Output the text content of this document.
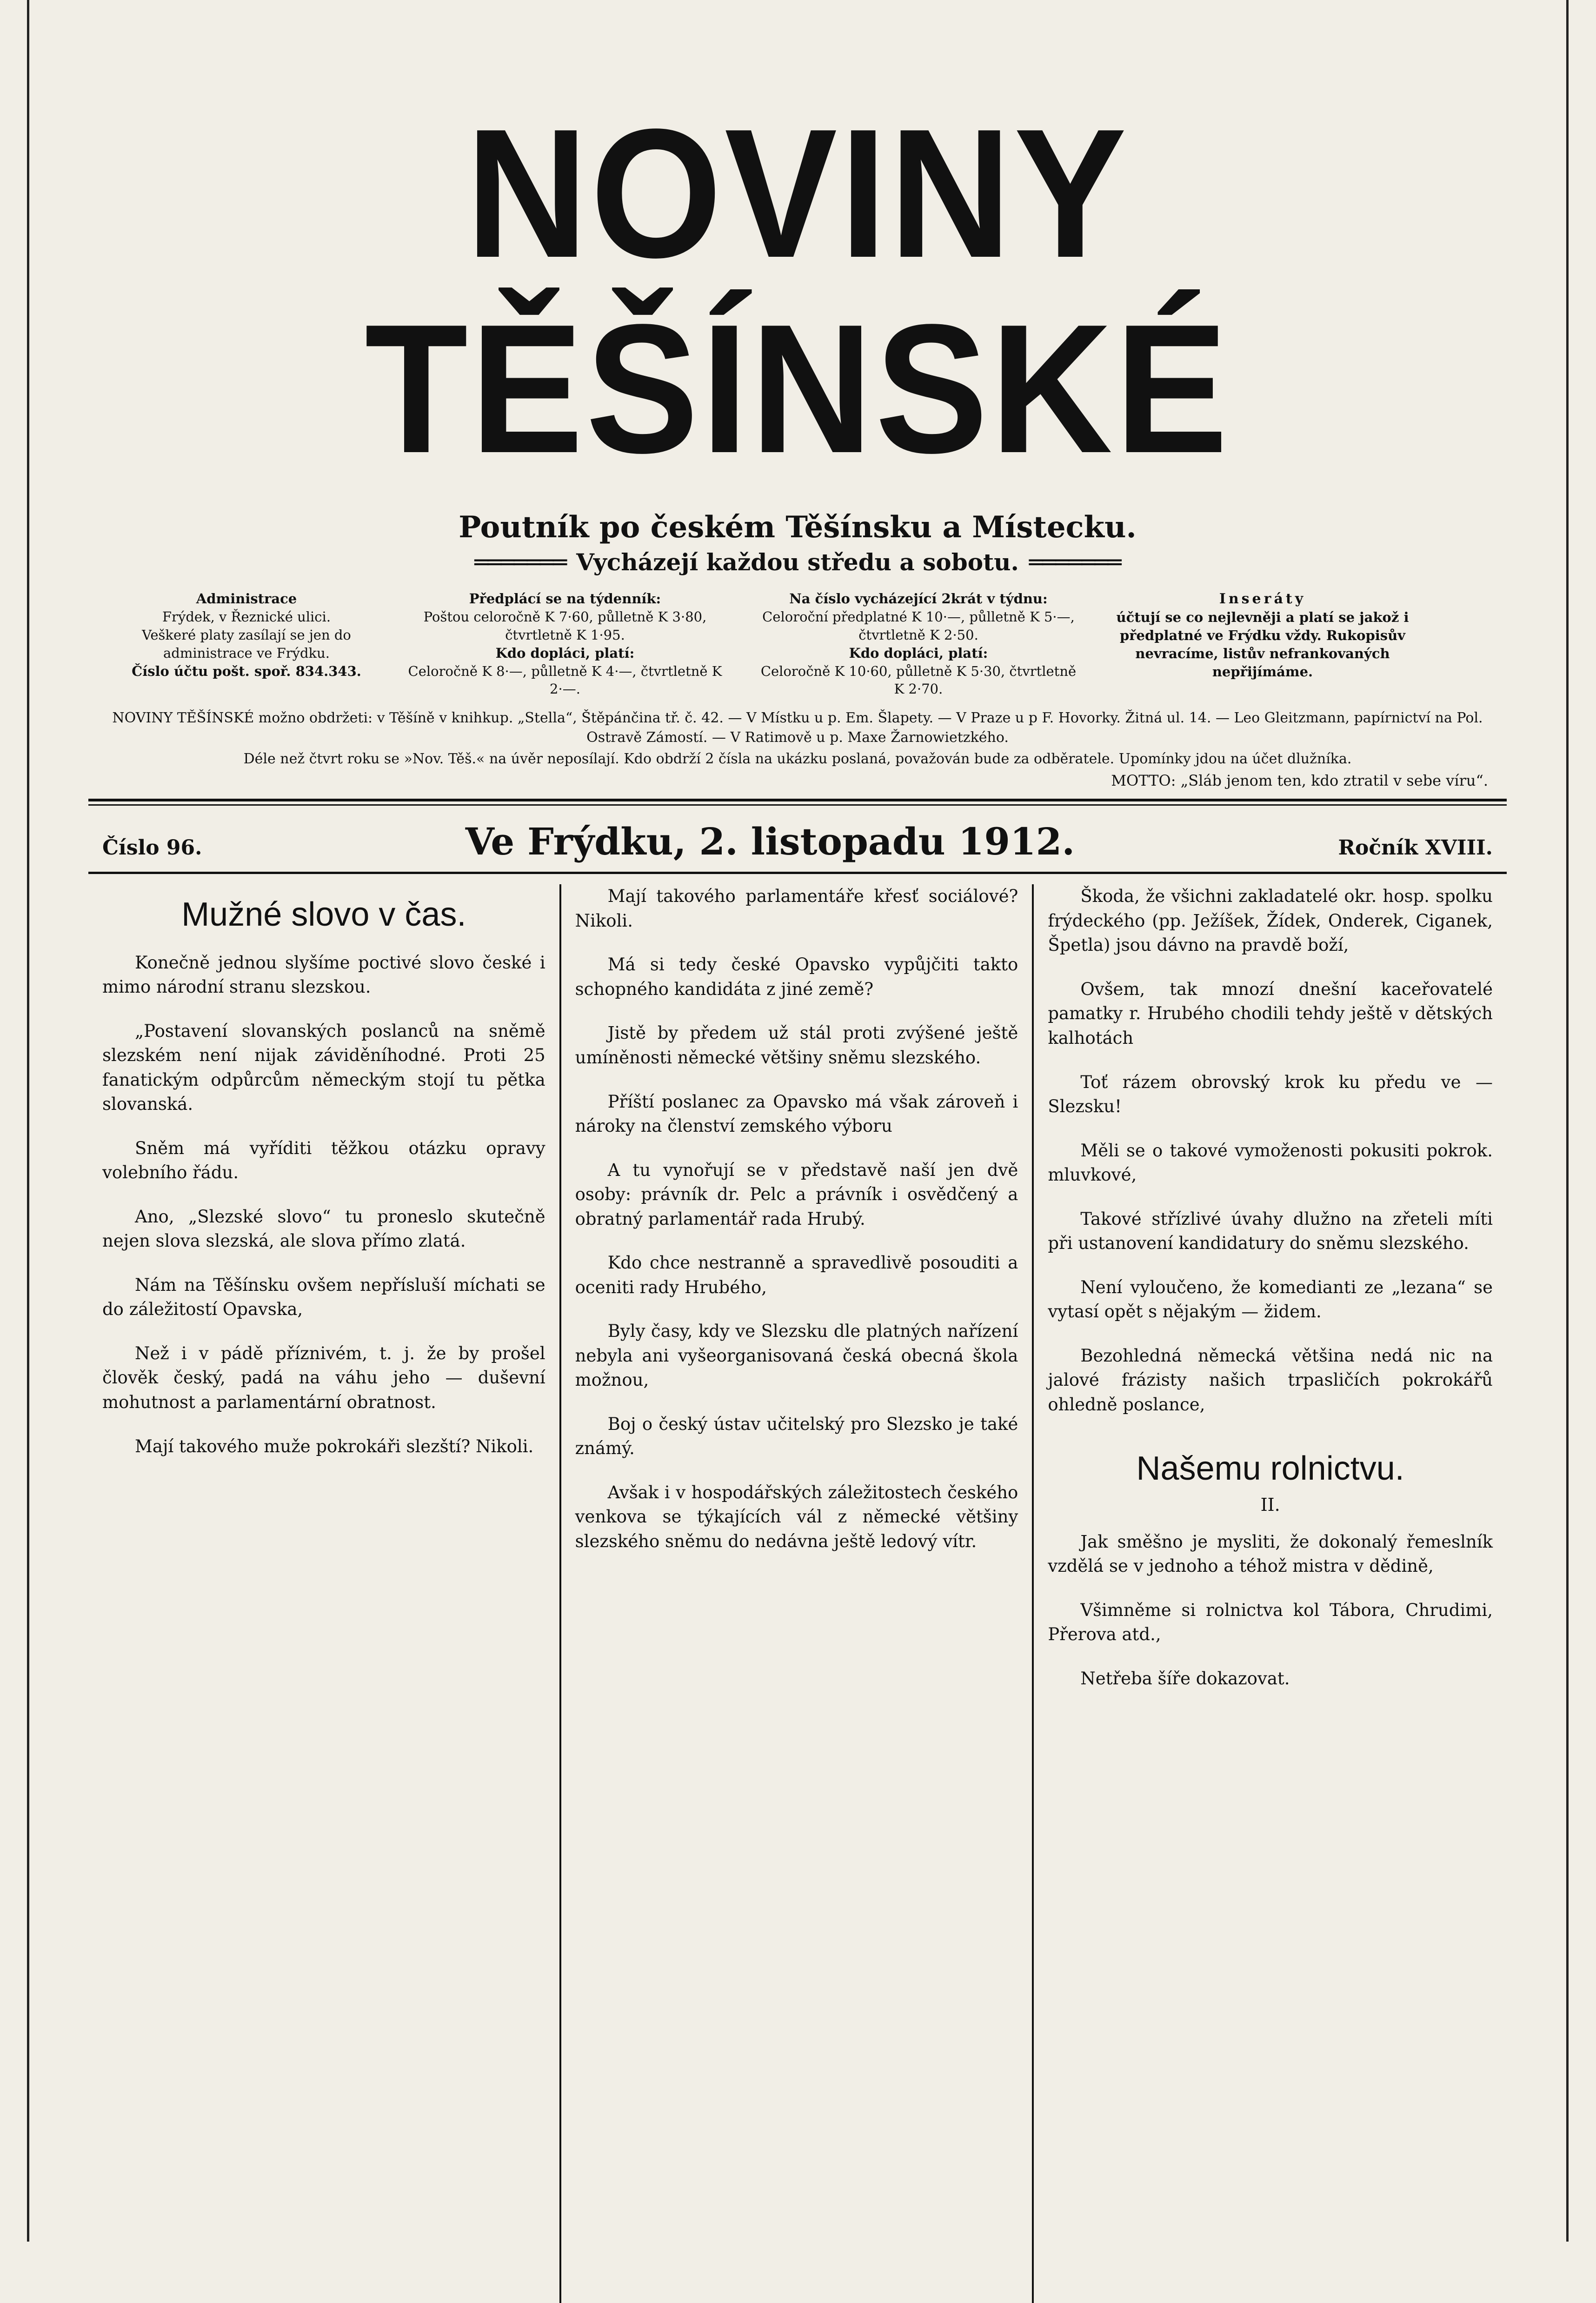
NOVINY TĚŠÍNSKÉ
Poutník po českém Těšínsku a Místecku.
═══════ Vycházejí každou středu a sobotu. ═══════
Administrace
Frýdek, v Řeznické ulici.
Veškeré platy zasílají se jen do administrace ve Frýdku.
Číslo účtu pošt. spoř. 834.343.
Předplácí se na týdenník:
Poštou celoročně K 7·60, půlletně K 3·80, čtvrtletně K 1·95.
Kdo dopláci, platí:
Celoročně K 8·—, půlletně K 4·—, čtvrtletně K 2·—.
Na číslo vycházející 2krát v týdnu:
Celoroční předplatné K 10·—, půlletně K 5·—, čtvrtletně K 2·50.
Kdo dopláci, platí:
Celoročně K 10·60, půlletně K 5·30, čtvrtletně K 2·70.
Inseráty
účtují se co nejlevněji a platí se jakož i předplatné ve Frýdku vždy. Rukopisův nevracíme, listův nefrankovaných nepřijímáme.
NOVINY TĚŠÍNSKÉ možno obdržeti: v Těšíně v knihkup. „Stella“, Štěpánčina tř. č. 42. — V Místku u p. Em. Šlapety. — V Praze u p F. Hovorky. Žitná ul. 14. — Leo Gleitzmann, papírnictví na Pol. Ostravě Zámostí. — V Ratimově u p. Maxe Žarnowietzkého.
Déle než čtvrt roku se »Nov. Těš.« na úvěr neposílají. Kdo obdrží 2 čísla na ukázku poslaná, považován bude za odběratele. Upomínky jdou na účet dlužníka.
MOTTO: „Sláb jenom ten, kdo ztratil v sebe víru“.
Číslo 96.	Ve Frýdku, 2. listopadu 1912.	Ročník XVIII.
Mužné slovo v čas.

Konečně jednou slyšíme poctivé slovo české i mimo národní stranu slezskou.

„Postavení slovanských poslanců na sněmě slezském není nijak záviděníhodné. Proti 25 fanatickým odpůrcům německým stojí tu pětka slovanská.

Sněm má vyříditi těžkou otázku opravy volebního řádu.

Ano, „Slezské slovo“ tu proneslo skutečně nejen slova slezská, ale slova přímo zlatá.

Nám na Těšínsku ovšem nepřísluší míchati se do záležitostí Opavska,

Než i v pádě příznivém, t. j. že by prošel člověk český, padá na váhu jeho — duševní mohutnost a parlamentární obratnost.

Mají takového muže pokrokáři slezští? Nikoli.

Mají takového parlamentáře křesť sociálové? Nikoli.

Má si tedy české Opavsko vypůjčiti takto schopného kandidáta z jiné země?

Jistě by předem už stál proti zvýšené ještě umíněnosti německé většiny sněmu slezského.

Příští poslanec za Opavsko má však zároveň i nároky na členství zemského výboru

A tu vynořují se v představě naší jen dvě osoby: právník dr. Pelc a právník i osvědčený a obratný parlamentář rada Hrubý.

Kdo chce nestranně a spravedlivě posouditi a oceniti rady Hrubého,

Byly časy, kdy ve Slezsku dle platných nařízení nebyla ani vyšeorganisovaná česká obecná škola možnou,

Boj o český ústav učitelský pro Slezsko je také známý.

Avšak i v hospodářských záležitostech českého venkova se týkajících vál z německé většiny slezského sněmu do nedávna ještě ledový vítr.

Škoda, že všichni zakladatelé okr. hosp. spolku frýdeckého (pp. Ježíšek, Žídek, Onderek, Ciganek, Špetla) jsou dávno na pravdě boží,

Ovšem, tak mnozí dnešní kaceřovatelé pamatky r. Hrubého chodili tehdy ještě v dětských kalhotách

Toť rázem obrovský krok ku předu ve — Slezsku!

Měli se o takové vymoženosti pokusiti pokrok. mluvkové,

Takové střízlivé úvahy dlužno na zřeteli míti při ustanovení kandidatury do sněmu slezského.

Není vyloučeno, že komedianti ze „lezana“ se vytasí opět s nějakým — židem.

Bezohledná německá většina nedá nic na jalové frázisty našich trpasličích pokrokářů ohledně poslance,

Našemu rolnictvu.
II.

Jak směšno je mysliti, že dokonalý řemeslník vzdělá se v jednoho a téhož mistra v dědině,

Všimněme si rolnictva kol Tábora, Chrudimi, Přerova atd.,

Netřeba šíře dokazovat.
